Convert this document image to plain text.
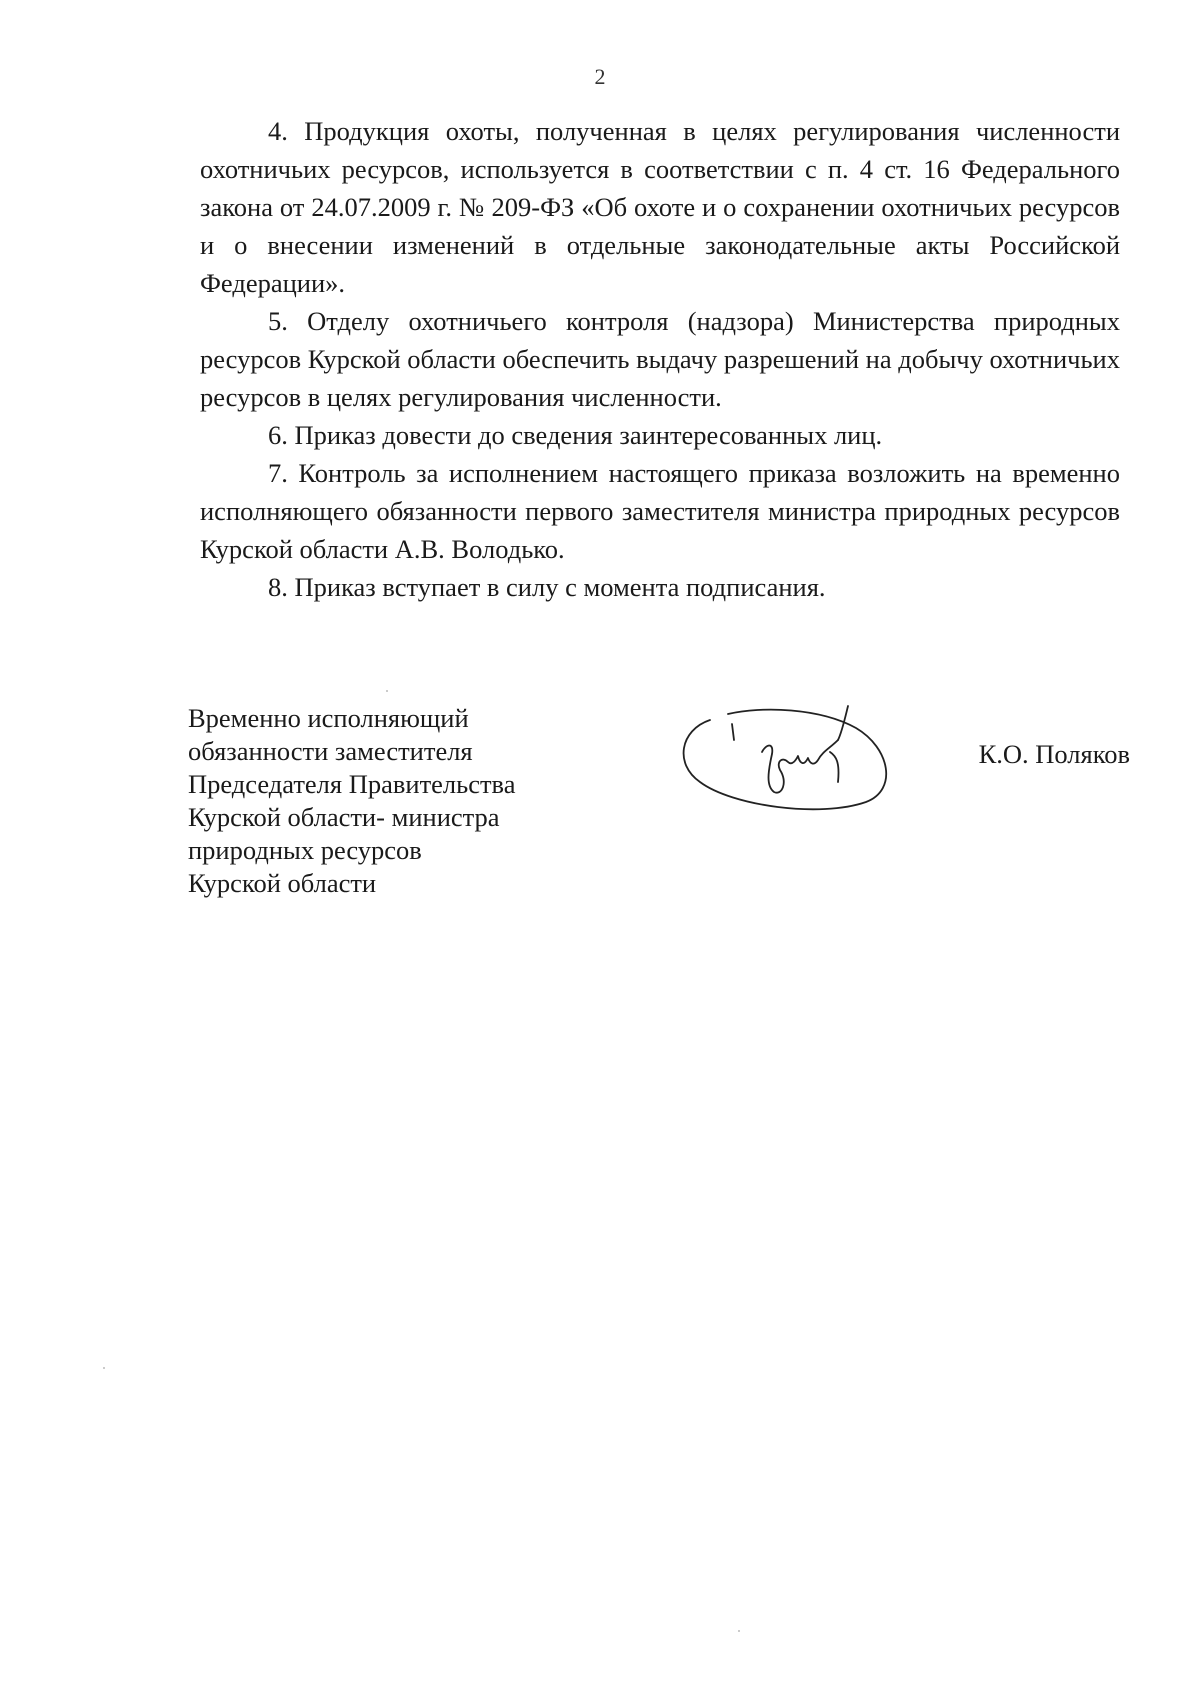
2

4. Продукция охоты, полученная в целях регулирования численности охотничьих ресурсов, используется в соответствии с п. 4 ст. 16 Федерального закона от 24.07.2009 г. № 209-ФЗ «Об охоте и о сохранении охотничьих ресурсов и о внесении изменений в отдельные законодательные акты Российской Федерации».

5. Отделу охотничьего контроля (надзора) Министерства природных ресурсов Курской области обеспечить выдачу разрешений на добычу охотничьих ресурсов в целях регулирования численности.

6. Приказ довести до сведения заинтересованных лиц.

7. Контроль за исполнением настоящего приказа возложить на временно исполняющего обязанности первого заместителя министра природных ресурсов Курской области А.В. Володько.

8. Приказ вступает в силу с момента подписания.

Временно исполняющий
обязанности заместителя
Председателя Правительства
Курской области- министра
природных ресурсов
Курской области
К.О. Поляков
